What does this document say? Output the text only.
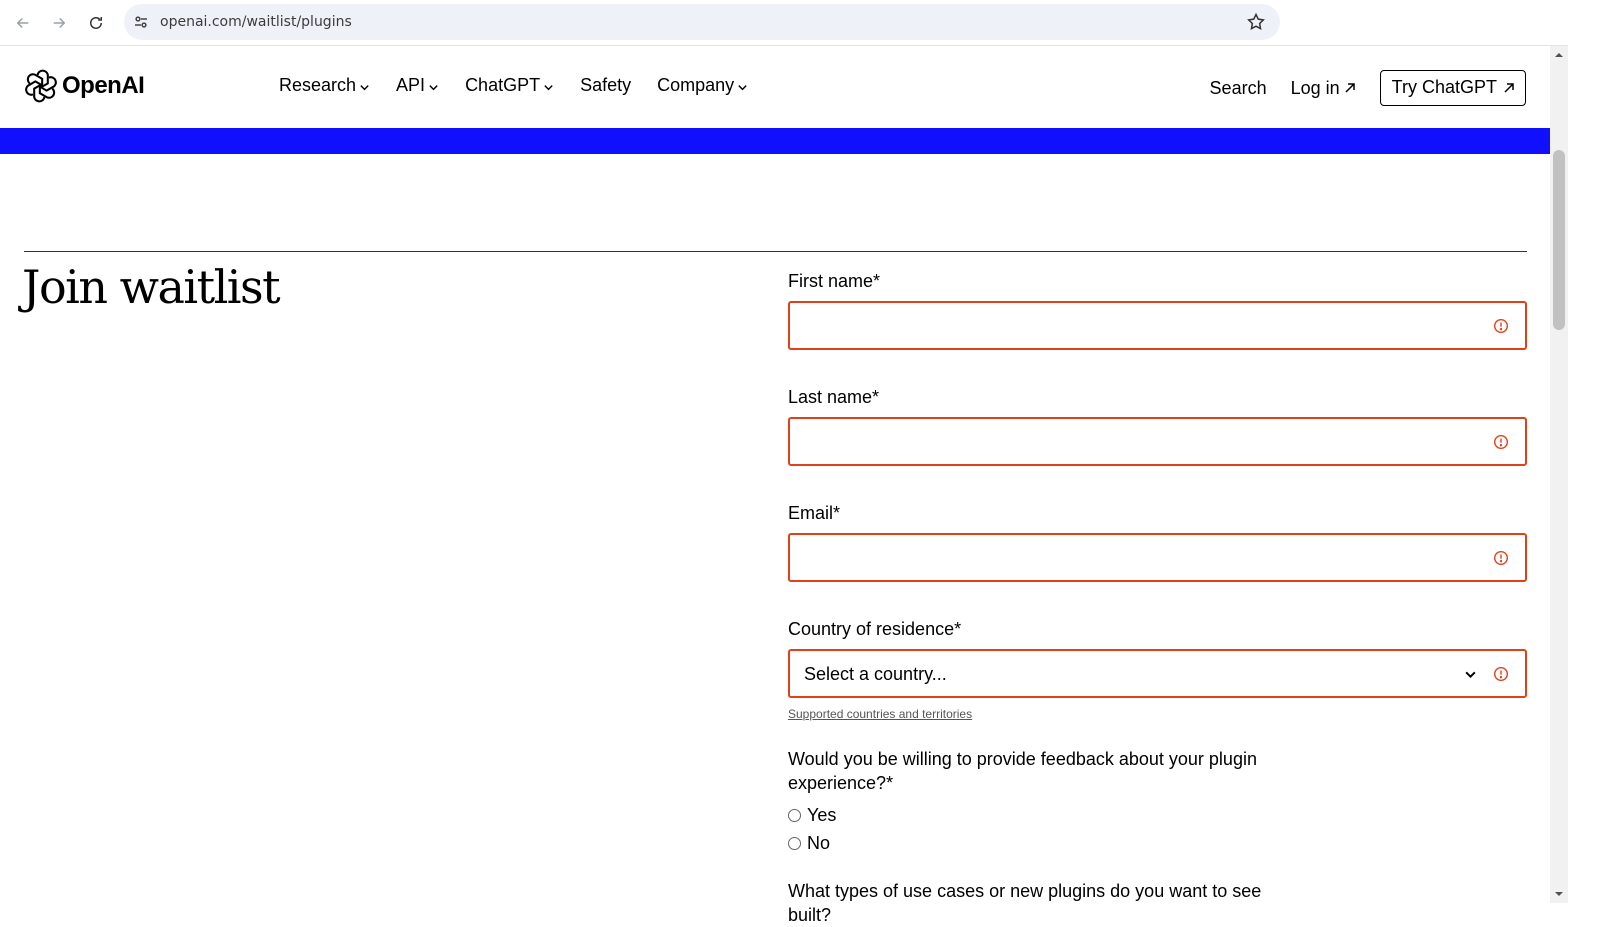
openai.com/waitlist/plugins
OpenAI	Research API ChatGPT Safety Company	Search Log in	Try ChatGPT
Join waitlist	First name*
Last name*
Email*
Country of residence*
Select a country...
Supported countries and territories
Would you be willing to provide feedback about your plugin experience?*
Yes
No
What types of use cases or new plugins do you want to see built?
